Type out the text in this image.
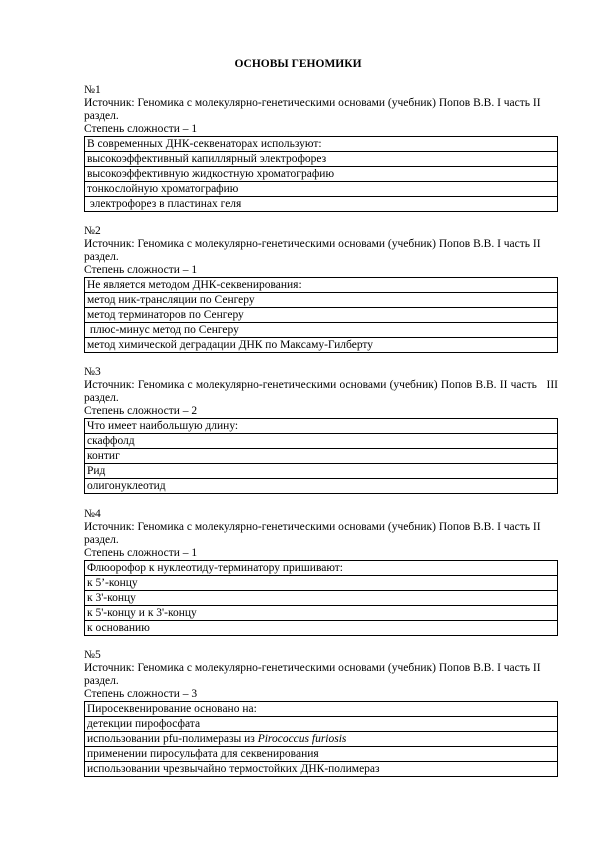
ОСНОВЫ ГЕНОМИКИ
№1
Источник: Геномика с молекулярно-генетическими основами (учебник) Попов В.В. I часть II раздел.
Степень сложности – 1
В современных ДНК-секвенаторах используют:
высокоэффективный капиллярный электрофорез
высокоэффективную жидкостную хроматографию
тонкослойную хроматографию
электрофорез в пластинах геля
№2
Источник: Геномика с молекулярно-генетическими основами (учебник) Попов В.В. I часть II раздел.
Степень сложности – 1
Не является методом ДНК-секвенирования:
метод ник-трансляции по Сенгеру
метод терминаторов по Сенгеру
плюс-минус метод по Сенгеру
метод химической деградации ДНК по Максаму-Гилберту
№3
Источник: Геномика с молекулярно-генетическими основами (учебник) Попов В.В. II часть   III раздел.
Степень сложности – 2
Что имеет наибольшую длину:
скаффолд
контиг
Рид
олигонуклеотид
№4
Источник: Геномика с молекулярно-генетическими основами (учебник) Попов В.В. I часть II раздел.
Степень сложности – 1
Флюорофор к нуклеотиду-терминатору пришивают:
к 5’-концу
к 3'-концу
к 5'-концу и к 3'-концу
к основанию
№5
Источник: Геномика с молекулярно-генетическими основами (учебник) Попов В.В. I часть II раздел.
Степень сложности – 3
Пиросеквенирование основано на:
детекции пирофосфата
использовании pfu-полимеразы из Pirococcus furiosis
применении пиросульфата для секвенирования
использовании чрезвычайно термостойких ДНК-полимераз
